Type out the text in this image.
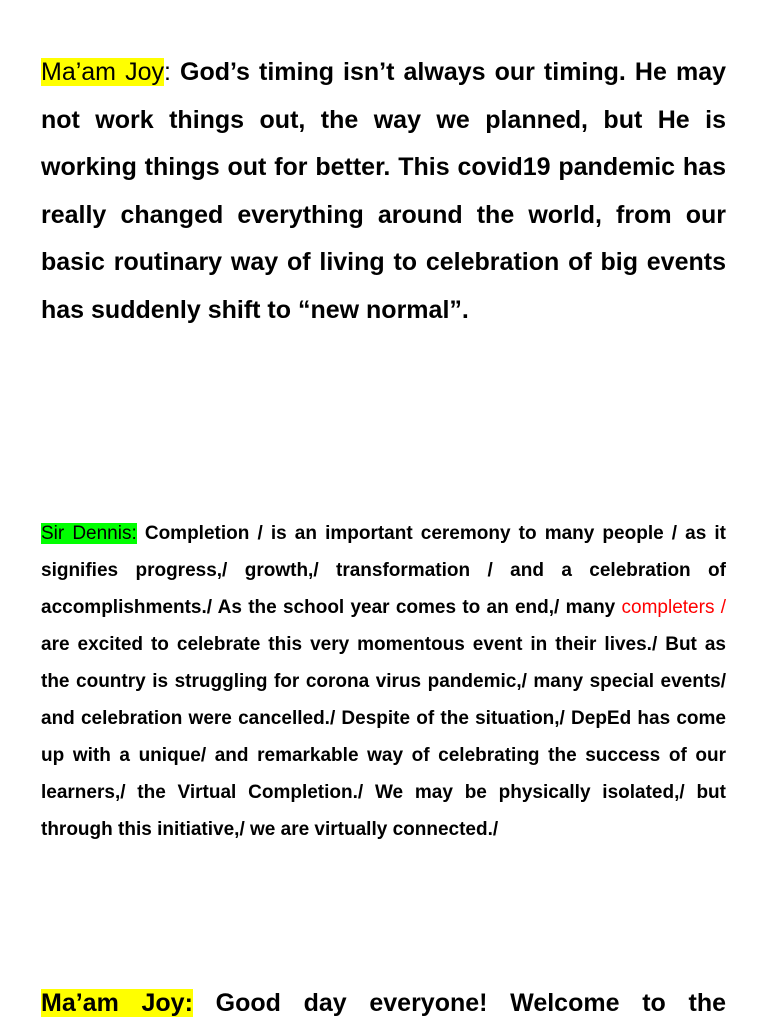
Ma’am Joy: God’s timing isn’t always our timing. He may not work things out, the way we planned, but He is working things out for better. This covid19 pandemic has really changed everything around the world, from our basic routinary way of living to celebration of big events has suddenly shift to “new normal”.

Sir Dennis: Completion / is an important ceremony to many people / as it signifies progress,/ growth,/ transformation / and a celebration of accomplishments./ As the school year comes to an end,/ many completers / are excited to celebrate this very momentous event in their lives./ But as the country is struggling for corona virus pandemic,/ many special events/ and celebration were cancelled./ Despite of the situation,/ DepEd has come up with a unique/ and remarkable way of celebrating the success of our learners,/ the Virtual Completion./ We may be physically isolated,/ but through this initiative,/ we are virtually connected./

Ma’am Joy: Good day everyone! Welcome to the
